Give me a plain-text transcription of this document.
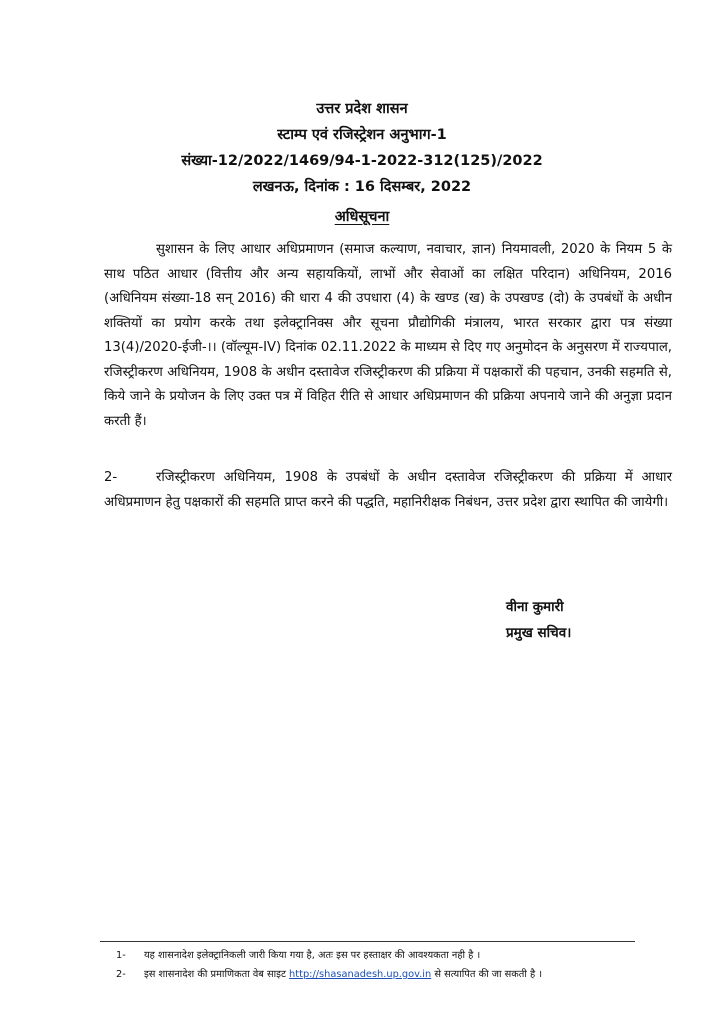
उत्तर प्रदेश शासन
स्टाम्प एवं रजिस्ट्रेशन अनुभाग-1
संख्या-12/2022/1469/94-1-2022-312(125)/2022
लखनऊ, दिनांक : 16 दिसम्बर, 2022
अधिसूचना
सुशासन के लिए आधार अधिप्रमाणन (समाज कल्याण, नवाचार, ज्ञान) नियमावली, 2020 के नियम 5 के साथ पठित आधार (वित्तीय और अन्य सहायकियों, लाभों और सेवाओं का लक्षित परिदान) अधिनियम, 2016 (अधिनियम संख्या-18 सन् 2016) की धारा 4 की उपधारा (4) के खण्ड (ख) के उपखण्ड (दो) के उपबंधों के अधीन शक्तियों का प्रयोग करके तथा इलेक्ट्रानिक्स और सूचना प्रौद्योगिकी मंत्रालय, भारत सरकार द्वारा पत्र संख्या 13(4)/2020-ईजी-।। (वॉल्यूम-IV) दिनांक 02.11.2022 के माध्यम से दिए गए अनुमोदन के अनुसरण में राज्यपाल, रजिस्ट्रीकरण अधिनियम, 1908 के अधीन दस्तावेज रजिस्ट्रीकरण की प्रक्रिया में पक्षकारों की पहचान, उनकी सहमति से, किये जाने के प्रयोजन के लिए उक्त पत्र में विहित रीति से आधार अधिप्रमाणन की प्रक्रिया अपनाये जाने की अनुज्ञा प्रदान करती हैं।
2-	रजिस्ट्रीकरण अधिनियम, 1908 के उपबंधों के अधीन दस्तावेज रजिस्ट्रीकरण की प्रक्रिया में आधार अधिप्रमाणन हेतु पक्षकारों की सहमति प्राप्त करने की पद्धति, महानिरीक्षक निबंधन, उत्तर प्रदेश द्वारा स्थापित की जायेगी।
वीना कुमारी
प्रमुख सचिव।
1- यह शासनादेश इलेक्ट्रानिकली जारी किया गया है, अतः इस पर हस्ताक्षर की आवश्यकता नही है ।
2- इस शासनादेश की प्रमाणिकता वेब साइट http://shasanadesh.up.gov.in से सत्यापित की जा सकती है ।
